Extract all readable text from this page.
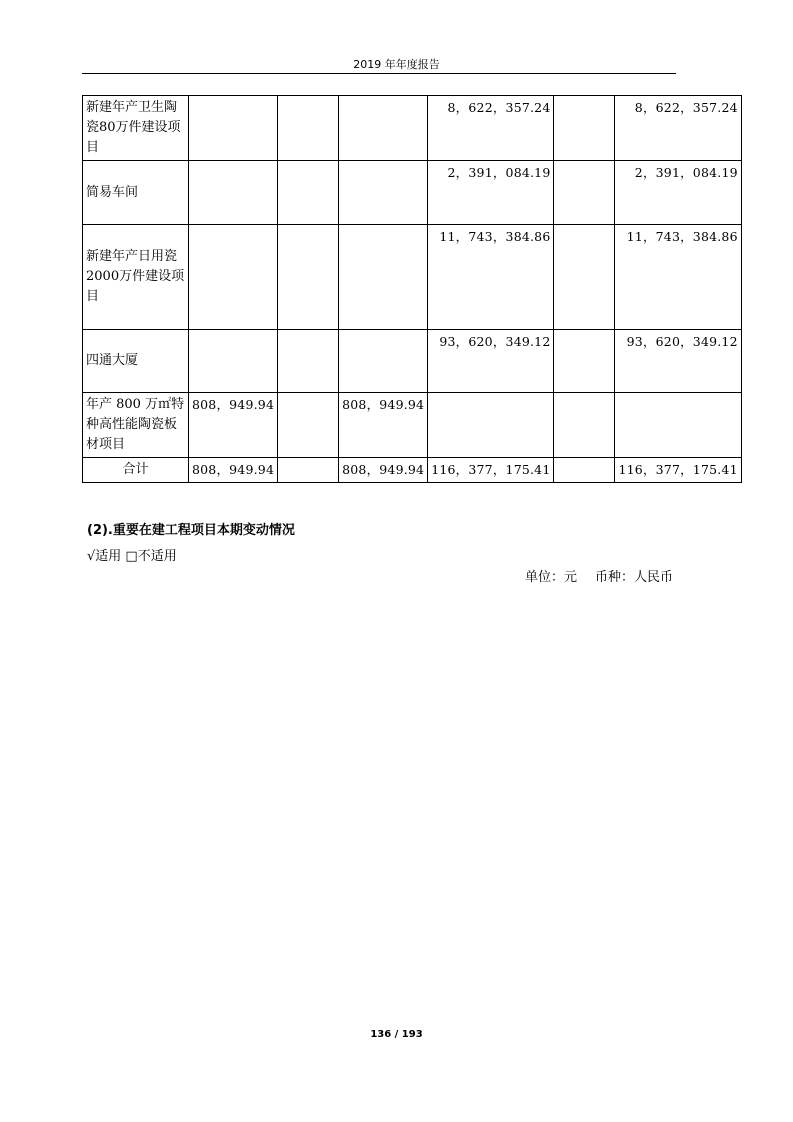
2019 年年度报告
新建年产卫生陶瓷80万件建设项目				8，622，357.24		8，622，357.24
简易车间				2，391，084.19		2，391，084.19
新建年产日用瓷2000万件建设项目				11，743，384.86		11，743，384.86
四通大厦				93，620，349.12		93，620，349.12
年产 800 万㎡特种高性能陶瓷板材项目	808，949.94		808，949.94			
合计	808，949.94		808，949.94	116，377，175.41		116，377，175.41
(2).重要在建工程项目本期变动情况
√适用 □不适用
单位：元 币种：人民币
136 / 193
